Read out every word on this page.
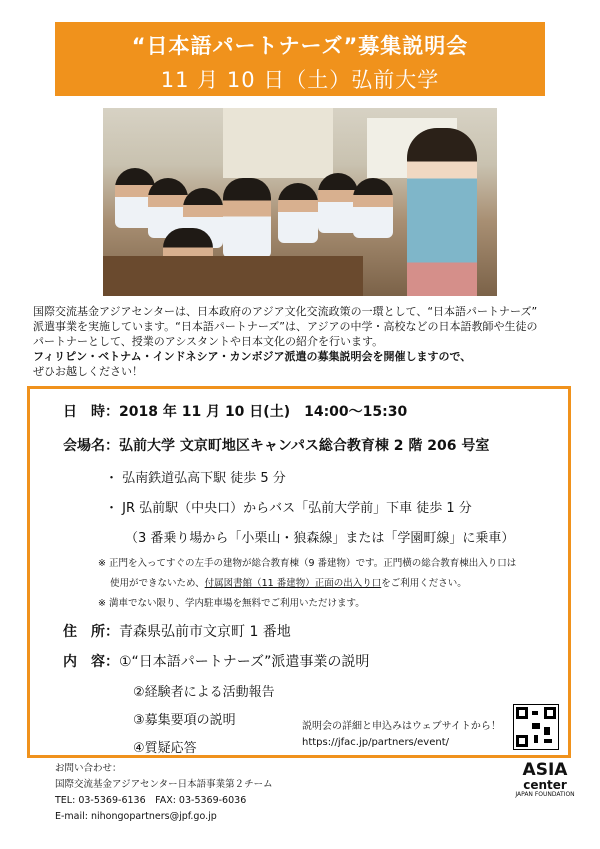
“日本語パートナーズ”募集説明会
11 月 10 日（土）弘前大学

国際交流基金アジアセンターは、日本政府のアジア文化交流政策の一環として、“日本語パートナーズ”

派遣事業を実施しています。“日本語パートナーズ”は、アジアの中学・高校などの日本語教師や生徒の

パートナーとして、授業のアシスタントや日本文化の紹介を行います。

フィリピン・ベトナム・インドネシア・カンボジア派遣の募集説明会を開催しますので、

ぜひお越しください！

日　時：2018 年 11 月 10 日(土)　14:00～15:30
会場名：弘前大学 文京町地区キャンパス総合教育棟 2 階 206 号室
・ 弘南鉄道弘高下駅 徒歩 5 分
・ JR 弘前駅（中央口）からバス「弘前大学前」下車 徒歩 1 分
（3 番乗り場から「小栗山・狼森線」または「学園町線」に乗車）
※ 正門を入ってすぐの左手の建物が総合教育棟（9 番建物）です。正門横の総合教育棟出入り口は
使用ができないため、付属図書館（11 番建物）正面の出入り口をご利用ください。
※ 満車でない限り、学内駐車場を無料でご利用いただけます。
住　所：青森県弘前市文京町 1 番地
内　容：①“日本語パートナーズ”派遣事業の説明
②経験者による活動報告
③募集要項の説明
④質疑応答
説明会の詳細と申込みはウェブサイトから！
https://jfac.jp/partners/event/
お問い合わせ：
国際交流基金アジアセンター日本語事業第２チーム
TEL: 03-5369-6136　FAX: 03-5369-6036
E-mail: nihongopartners@jpf.go.jp
ASIA
center
JAPAN FOUNDATION
